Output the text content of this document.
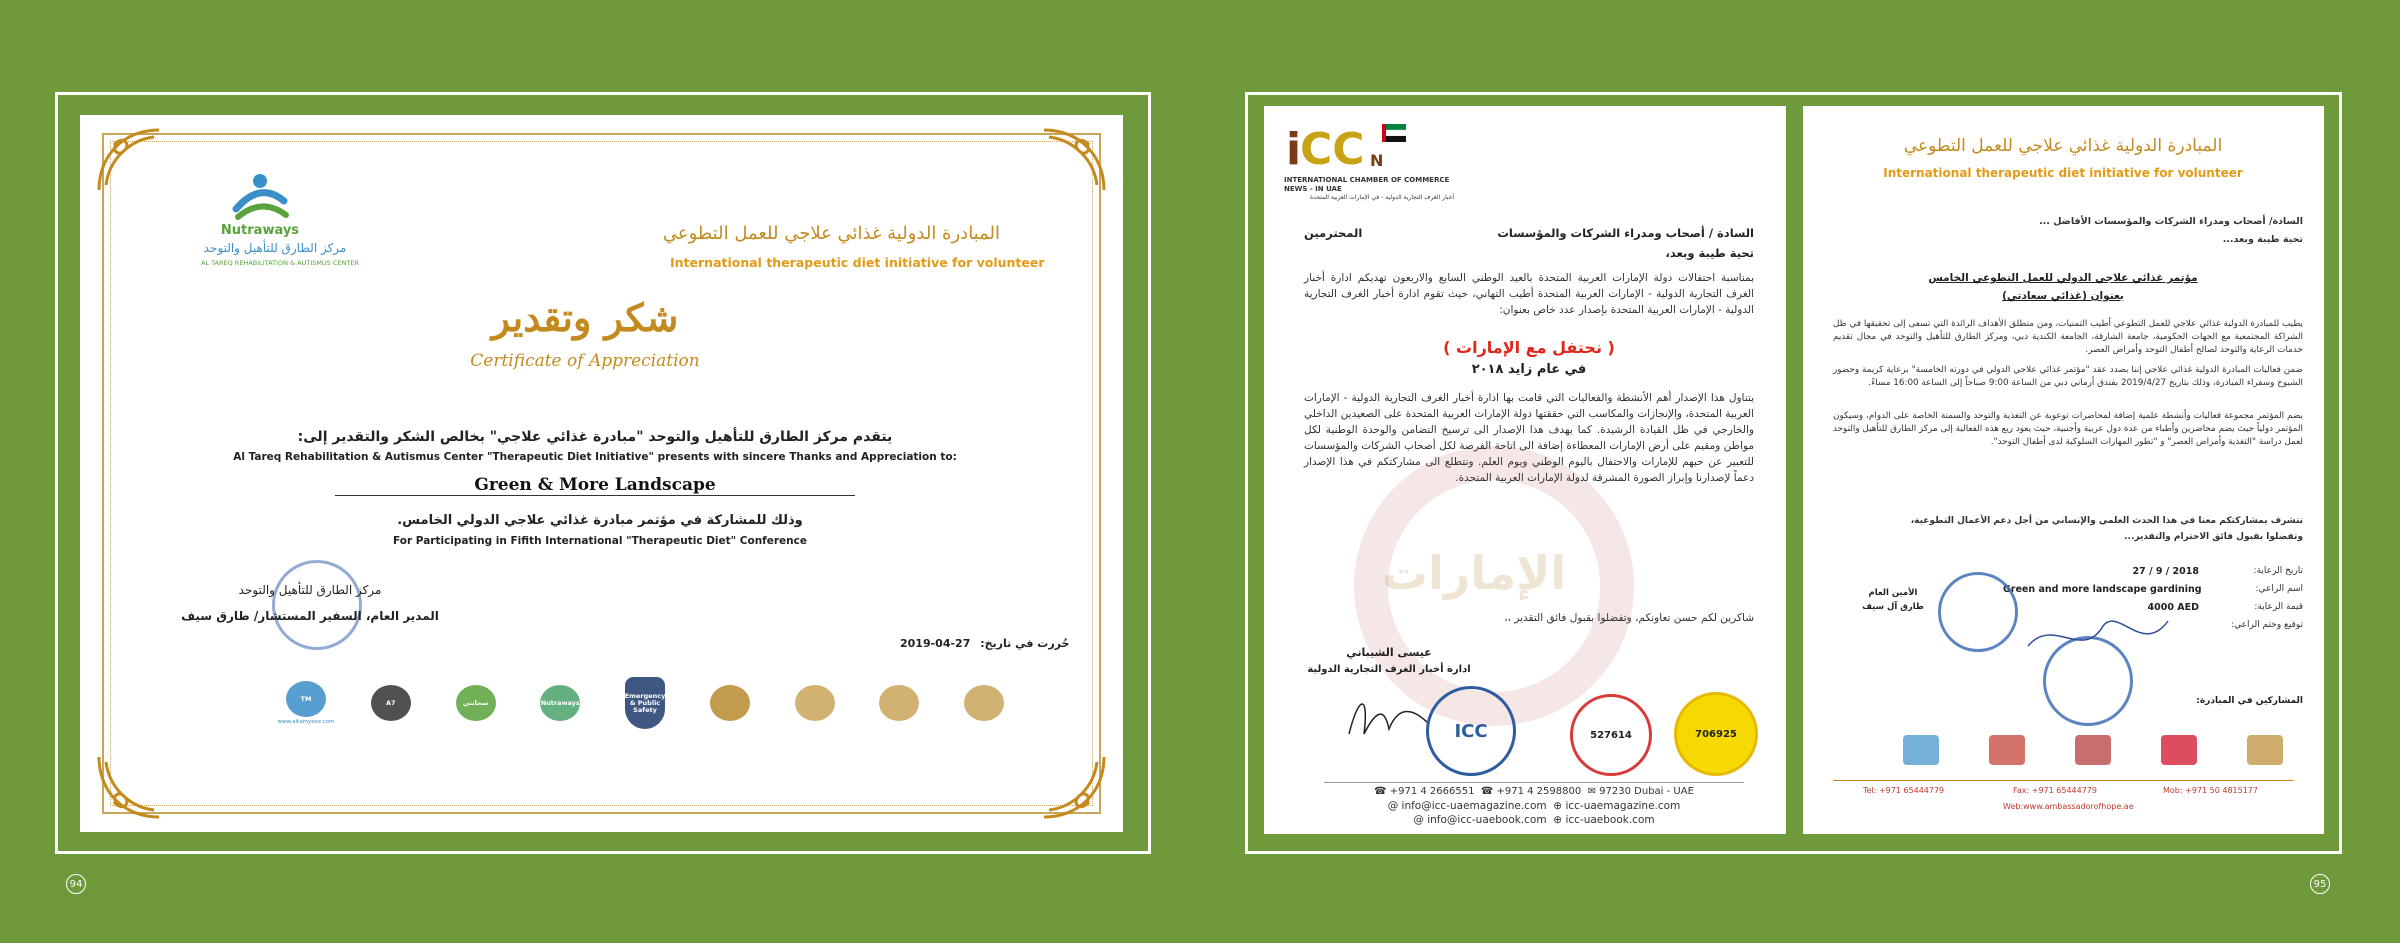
94
Nutraways
مركز الطارق للتأهيل والتوحد
AL TAREQ REHABILITATION & AUTISMUS CENTER
المبادرة الدولية غذائي علاجي للعمل التطوعي
International therapeutic diet initiative for volunteer
شكر وتقدير
Certificate of Appreciation
يتقدم مركز الطارق للتأهيل والتوحد "مبادرة غذائي علاجي" بخالص الشكر والتقدير إلى:
Al Tareq Rehabilitation & Autismus Center "Therapeutic Diet Initiative" presents with sincere Thanks and Appreciation to:
Green & More Landscape
وذلك للمشاركة في مؤتمر مبادرة غذائي علاجي الدولي الخامس.
For Participating in Fifith International "Therapeutic Diet" Conference
مركز الطارق للتأهيل والتوحد
المدير العام، السفير المستشار/ طارق سيف
2019-04-27 حُررت في تاريخ:
TM
www.altamyeez.com
A7	سحابتي	Nutraways
Emergency & Public Safety
95
i
CC N
INTERNATIONAL CHAMBER OF COMMERCE
NEWS - IN UAE
أخبار الغرف التجارية الدولية - في الإمارات العربية المتحدة
السادة / أصحاب ومدراء الشركات والمؤسسات
المحترمين
تحية طيبة وبعد،
بمناسبة احتفالات دولة الإمارات العربية المتحدة بالعيد الوطني السابع والاربعون تهديكم ادارة أخبار الغرف التجارية الدولية - الإمارات العربية المتحدة أطيب التهاني، حيث تقوم ادارة أخبار الغرف التجارية الدولية - الإمارات العربية المتحدة بإصدار عدد خاص بعنوان:
( نحتفل مع الإمارات )
في عام زايد ٢٠١٨
الإمارات
يتناول هذا الإصدار أهم الأنشطة والفعاليات التي قامت بها ادارة أخبار الغرف التجارية الدولية - الإمارات العربية المتحدة، والإنجازات والمكاسب التي حققتها دولة الإمارات العربية المتحدة على الصعيدين الداخلي والخارجي في ظل القيادة الرشيدة. كما يهدف هذا الإصدار الى ترسيخ التضامن والوحدة الوطنية لكل مواطن ومقيم على أرض الإمارات المعطاءة إضافة الى اتاحة الفرصة لكل أصحاب الشركات والمؤسسات للتعبير عن حبهم للإمارات والاحتفال باليوم الوطني ويوم العلم. ونتطلع الى مشاركتكم في هذا الإصدار دعماً لإصدارنا وإبراز الصورة المشرقة لدولة الإمارات العربية المتحدة.
شاكرين لكم حسن تعاونكم، وتفضلوا بقبول فائق التقدير ،،
عيسى الشيباني
ادارة أخبار الغرف التجارية الدولية
ICC	527614	706925
☎ +971 4 2666551 ☎ +971 4 2598800 ✉ 97230 Dubai - UAE
@ info@icc-uaemagazine.com ⊕ icc-uaemagazine.com
@ info@icc-uaebook.com ⊕ icc-uaebook.com
المبادرة الدولية غذائي علاجي للعمل التطوعي
International therapeutic diet initiative for volunteer
السادة/ أصحاب ومدراء الشركات والمؤسسات الأفاضل ...
تحية طيبة وبعد...
مؤتمر غذائي علاجي الدولي للعمل التطوعي الخامس
بعنوان (غذائي سعادتي)
يطيب للمبادرة الدولية غذائي علاجي للعمل التطوعي أطيب التمنيات، ومن منطلق الأهداف الرائدة التي تسعى إلى تحقيقها في ظل الشراكة المجتمعية مع الجهات الحكومية، جامعة الشارقة، الجامعة الكندية دبي، ومركز الطارق للتأهيل والتوحد في مجال تقديم خدمات الرعاية والتوحد لصالح أطفال التوحد وأمراض العصر.
ضمن فعاليات المبادرة الدولية غذائي علاجي إننا بصدد عقد "مؤتمر غذائي علاجي الدولي في دورته الخامسة" برعاية كريمة وحضور الشيوخ وسفراء المبادرة، وذلك بتاريخ 2019/4/27 بفندق أرماني دبي من الساعة 9:00 صباحاً إلى الساعة 16:00 مساءً.
يضم المؤتمر مجموعة فعاليات وأنشطة علمية إضافة لمحاضرات توعوية عن التغذية والتوحد والسمنة الخاصة على الدوام، وسيكون المؤتمر دولياً حيث يضم محاضرين وأطباء من عدة دول عربية وأجنبية، حيث يعود ريع هذه الفعالية إلى مركز الطارق للتأهيل والتوحد لعمل دراسة "التغذية وأمراض العصر" و "تطور المهارات السلوكية لدى أطفال التوحد".
نتشرف بمشاركتكم معنا في هذا الحدث العلمي والإنساني من أجل دعم الأعمال التطوعية،
وتفضلوا بقبول فائق الاحترام والتقدير...
تاريخ الرعاية:
27 / 9 / 2018
اسم الراعي:
Green and more landscape gardining
قيمة الرعاية:
4000 AED
توقيع وختم الراعي:
الأمين العام
طارق آل سيف
المشاركين في المبادرة:
Tel: +971 65444779	Fax: +971 65444779	Mob: +971 50 4815177
Web:www.ambassadorofhope.ae
